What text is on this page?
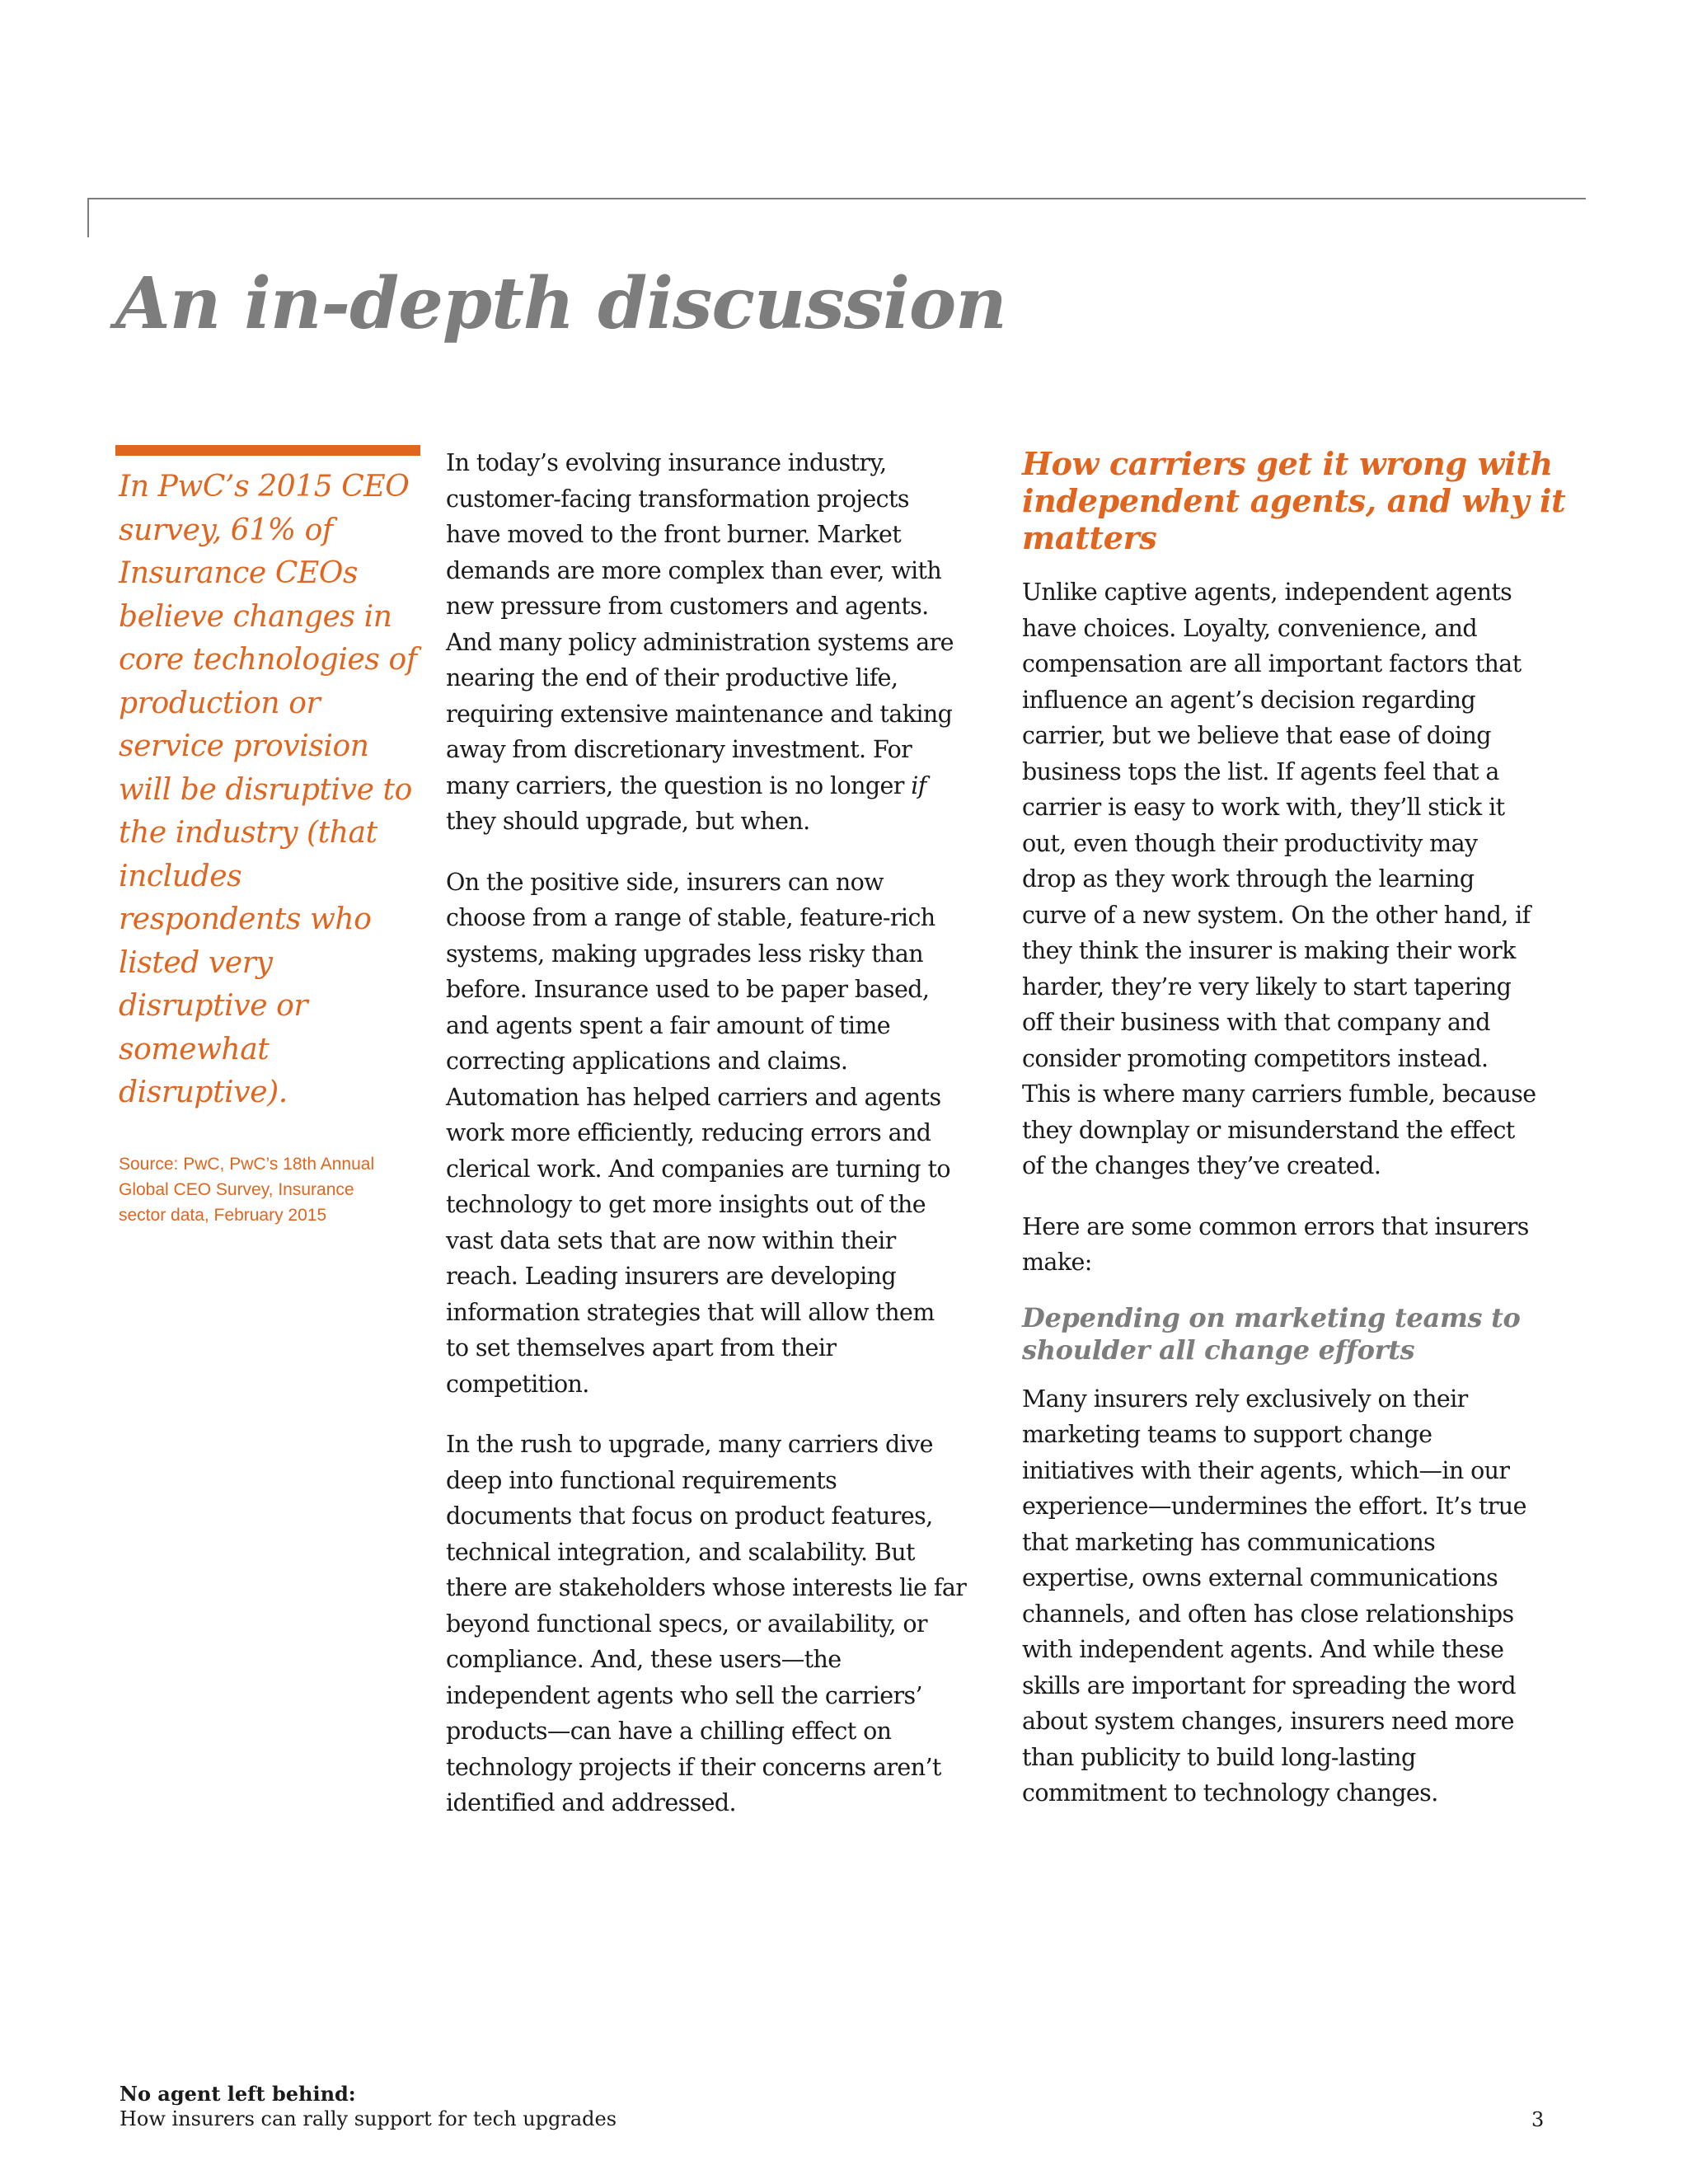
An in-depth discussion

In PwC’s 2015 CEO
survey, 61% of
Insurance CEOs
believe changes in
core technologies of
production or
service provision
will be disruptive to
the industry (that
includes
respondents who
listed very
disruptive or
somewhat
disruptive).

Source: PwC, PwC’s 18th Annual
Global CEO Survey, Insurance
sector data, February 2015

In today’s evolving insurance industry,
customer-facing transformation projects
have moved to the front burner. Market
demands are more complex than ever, with
new pressure from customers and agents.
And many policy administration systems are
nearing the end of their productive life,
requiring extensive maintenance and taking
away from discretionary investment. For
many carriers, the question is no longer if
they should upgrade, but when.

On the positive side, insurers can now
choose from a range of stable, feature-rich
systems, making upgrades less risky than
before. Insurance used to be paper based,
and agents spent a fair amount of time
correcting applications and claims.
Automation has helped carriers and agents
work more efficiently, reducing errors and
clerical work. And companies are turning to
technology to get more insights out of the
vast data sets that are now within their
reach. Leading insurers are developing
information strategies that will allow them
to set themselves apart from their
competition.

In the rush to upgrade, many carriers dive
deep into functional requirements
documents that focus on product features,
technical integration, and scalability. But
there are stakeholders whose interests lie far
beyond functional specs, or availability, or
compliance. And, these users—the
independent agents who sell the carriers’
products—can have a chilling effect on
technology projects if their concerns aren’t
identified and addressed.

How carriers get it wrong with
independent agents, and why it
matters

Unlike captive agents, independent agents
have choices. Loyalty, convenience, and
compensation are all important factors that
influence an agent’s decision regarding
carrier, but we believe that ease of doing
business tops the list. If agents feel that a
carrier is easy to work with, they’ll stick it
out, even though their productivity may
drop as they work through the learning
curve of a new system. On the other hand, if
they think the insurer is making their work
harder, they’re very likely to start tapering
off their business with that company and
consider promoting competitors instead.
This is where many carriers fumble, because
they downplay or misunderstand the effect
of the changes they’ve created.

Here are some common errors that insurers
make:

Depending on marketing teams to
shoulder all change efforts

Many insurers rely exclusively on their
marketing teams to support change
initiatives with their agents, which—in our
experience—undermines the effort. It’s true
that marketing has communications
expertise, owns external communications
channels, and often has close relationships
with independent agents. And while these
skills are important for spreading the word
about system changes, insurers need more
than publicity to build long-lasting
commitment to technology changes.

No agent left behind:
How insurers can rally support for tech upgrades	3
